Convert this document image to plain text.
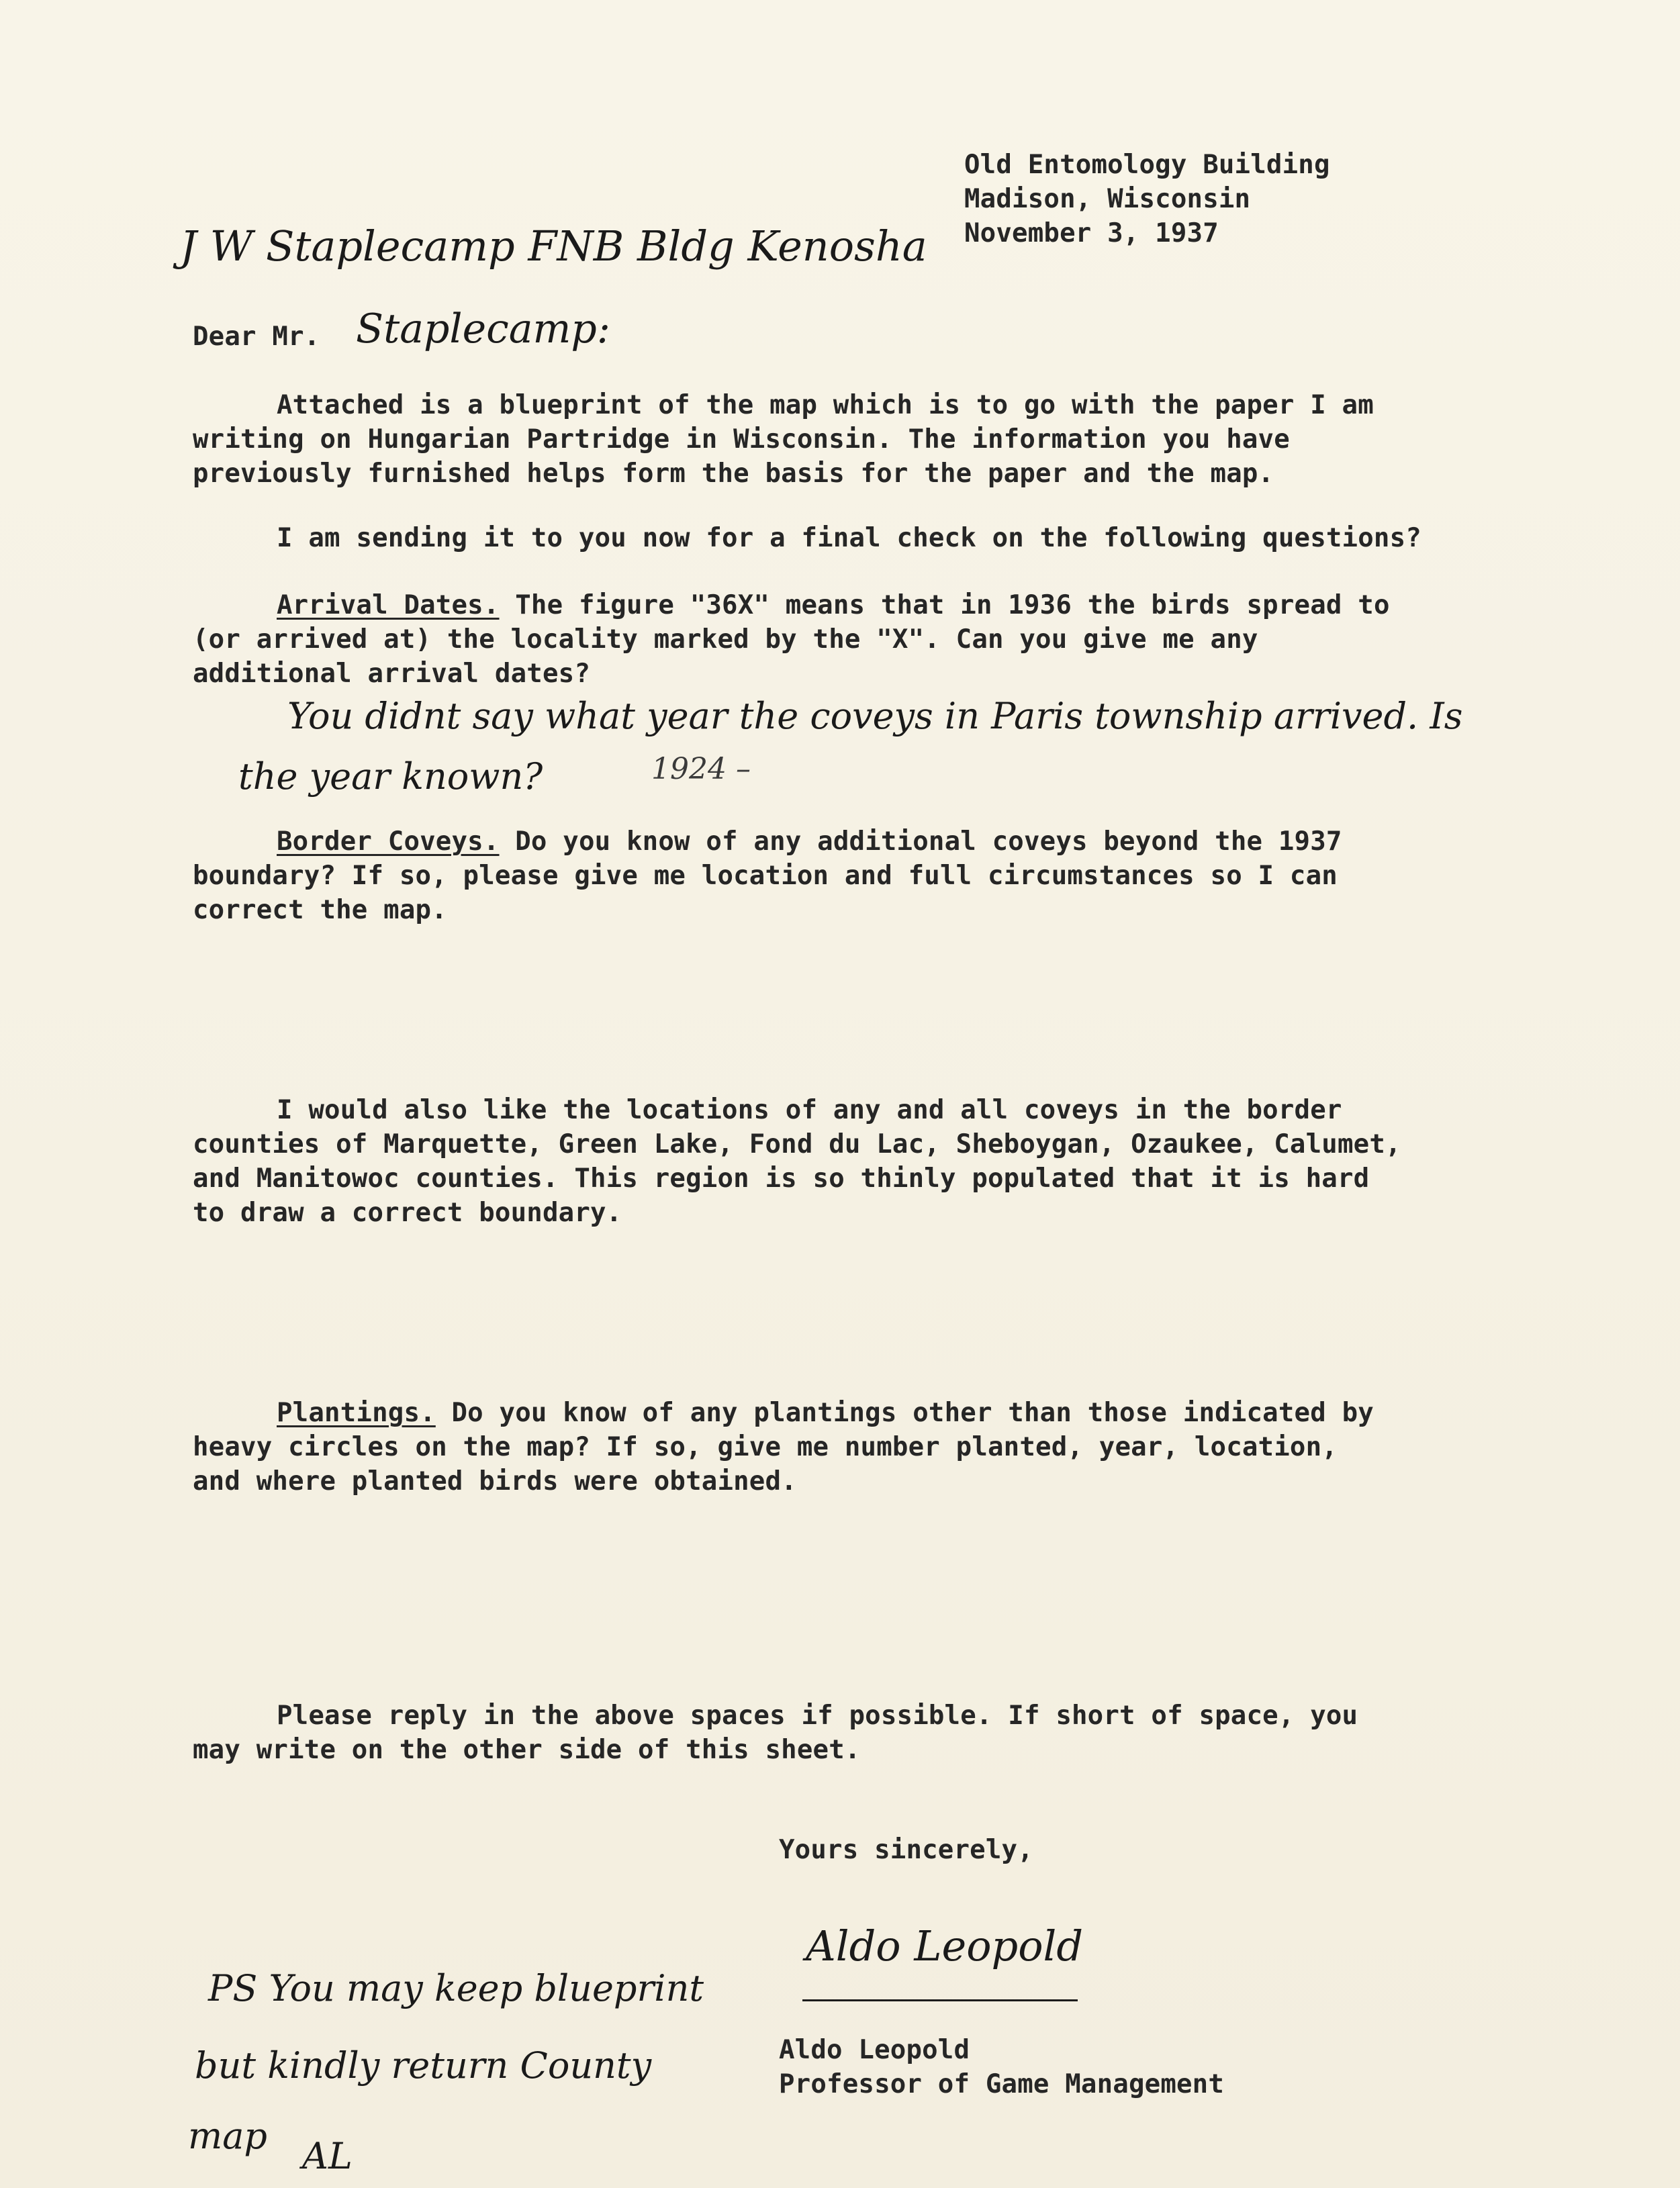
Old Entomology Building
Madison, Wisconsin
November 3, 1937
J W Staplecamp FNB Bldg Kenosha
Dear Mr. Staplecamp:
Attached is a blueprint of the map which is to go with the paper I am
writing on Hungarian Partridge in Wisconsin. The information you have
previously furnished helps form the basis for the paper and the map.
I am sending it to you now for a final check on the following questions?
Arrival Dates. The figure "36X" means that in 1936 the birds spread to
(or arrived at) the locality marked by the "X". Can you give me any
additional arrival dates?
You didnt say what year the coveys in Paris township arrived. Is
the year known?	1924 –
Border Coveys. Do you know of any additional coveys beyond the 1937
boundary? If so, please give me location and full circumstances so I can
correct the map.
I would also like the locations of any and all coveys in the border
counties of Marquette, Green Lake, Fond du Lac, Sheboygan, Ozaukee, Calumet,
and Manitowoc counties. This region is so thinly populated that it is hard
to draw a correct boundary.
Plantings. Do you know of any plantings other than those indicated by
heavy circles on the map? If so, give me number planted, year, location,
and where planted birds were obtained.
Please reply in the above spaces if possible. If short of space, you
may write on the other side of this sheet.
Yours sincerely,
Aldo Leopold
Aldo Leopold
Professor of Game Management
PS You may keep blueprint
but kindly return County
map AL
